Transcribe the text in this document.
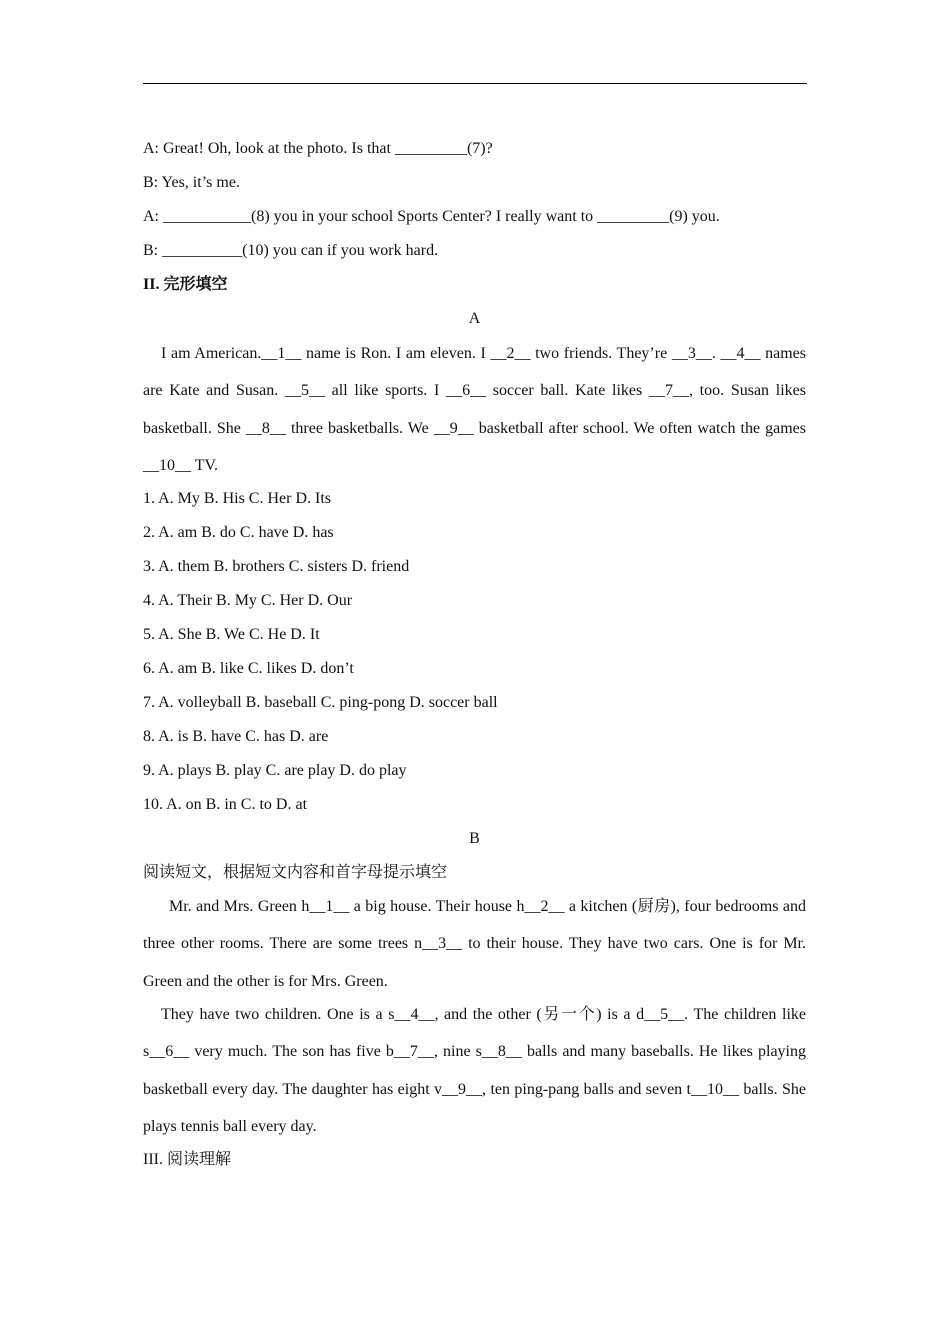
A: Great! Oh, look at the photo. Is that _________(7)?
B: Yes, it’s me.
A: ___________(8) you in your school Sports Center? I really want to _________(9) you.
B: __________(10) you can if you work hard.
II. 完形填空
A

I am American.__1__ name is Ron. I am eleven. I __2__ two friends. They’re __3__. __4__ names are Kate and Susan. __5__ all like sports. I __6__ soccer ball. Kate likes __7__, too. Susan likes basketball. She __8__ three basketballs. We __9__ basketball after school. We often watch the games __10__ TV.

1. A. My B. His C. Her D. Its
2. A. am B. do C. have D. has
3. A. them B. brothers C. sisters D. friend
4. A. Their B. My C. Her D. Our
5. A. She B. We C. He D. It
6. A. am B. like C. likes D. don’t
7. A. volleyball B. baseball C. ping-pong D. soccer ball
8. A. is B. have C. has D. are
9. A. plays B. play C. are play D. do play
10. A. on B. in C. to D. at
B
阅读短文，根据短文内容和首字母提示填空

Mr. and Mrs. Green h__1__ a big house. Their house h__2__ a kitchen (厨房), four bedrooms and three other rooms. There are some trees n__3__ to their house. They have two cars. One is for Mr. Green and the other is for Mrs. Green.

They have two children. One is a s__4__, and the other (另一个) is a d__5__. The children like s__6__ very much. The son has five b__7__, nine s__8__ balls and many baseballs. He likes playing basketball every day. The daughter has eight v__9__, ten ping-pang balls and seven t__10__ balls. She plays tennis ball every day.

III. 阅读理解
